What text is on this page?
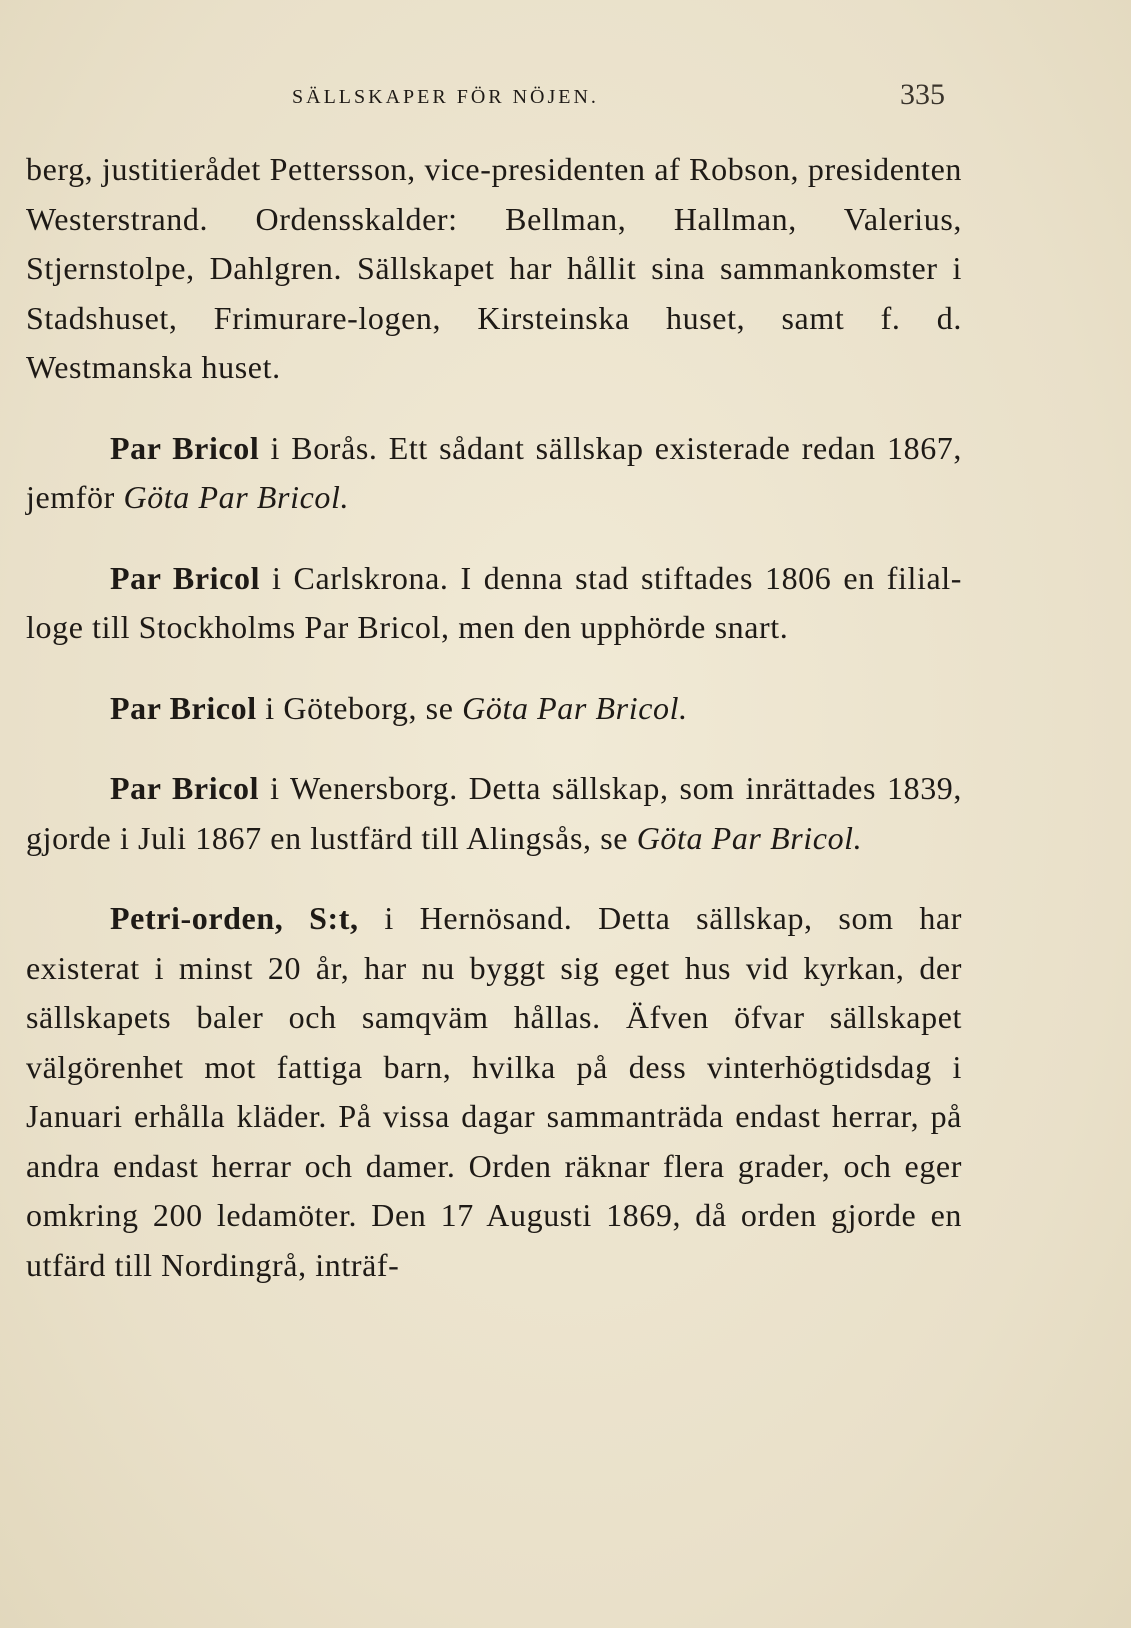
SÄLLSKAPER FÖR NÖJEN.	335

berg, justitierådet Pettersson, vice-presidenten af Robson, presidenten Westerstrand. Ordensskalder: Bellman, Hallman, Valerius, Stjernstolpe, Dahlgren. Sällskapet har hållit sina sammankomster i Stadshuset, Frimurare-logen, Kirsteinska huset, samt f. d. Westmanska huset.

Par Bricol i Borås. Ett sådant sällskap existerade redan 1867, jemför Göta Par Bricol.

Par Bricol i Carlskrona. I denna stad stiftades 1806 en filial-loge till Stockholms Par Bricol, men den upphörde snart.

Par Bricol i Göteborg, se Göta Par Bricol.

Par Bricol i Wenersborg. Detta sällskap, som inrättades 1839, gjorde i Juli 1867 en lustfärd till Alingsås, se Göta Par Bricol.

Petri-orden, S:t, i Hernösand. Detta sällskap, som har existerat i minst 20 år, har nu byggt sig eget hus vid kyrkan, der sällskapets baler och samqväm hållas. Äfven öfvar sällskapet välgörenhet mot fattiga barn, hvilka på dess vinterhögtidsdag i Januari erhålla kläder. På vissa dagar sammanträda endast herrar, på andra endast herrar och damer. Orden räknar flera grader, och eger omkring 200 ledamöter. Den 17 Augusti 1869, då orden gjorde en utfärd till Nordingrå, inträf-
